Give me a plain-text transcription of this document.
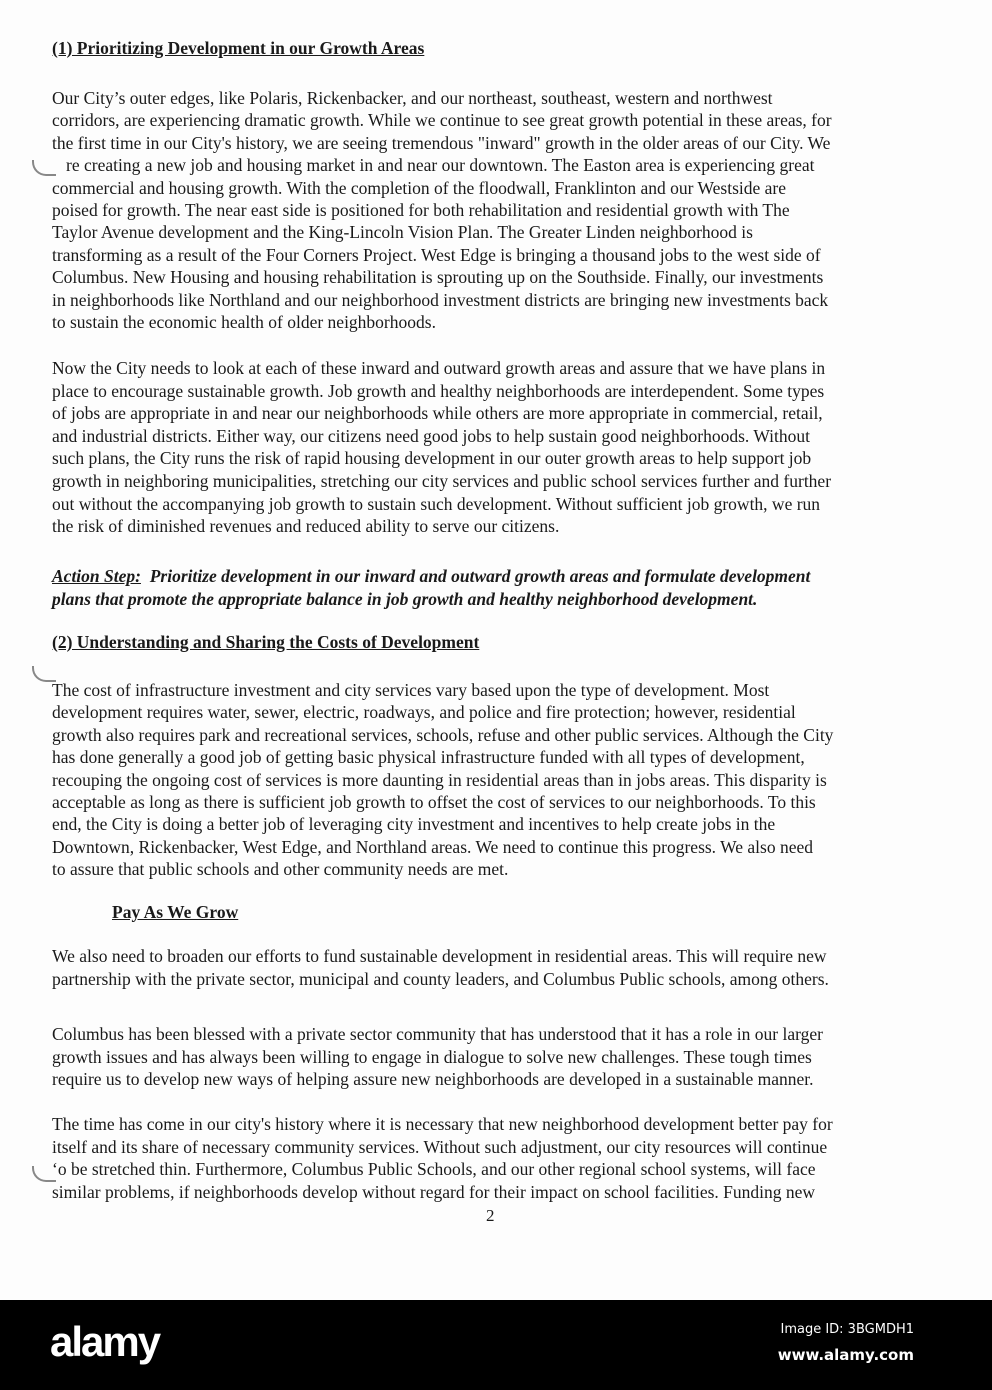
(1) Prioritizing Development in our Growth Areas
Our City’s outer edges, like Polaris, Rickenbacker, and our northeast, southeast, western and northwest
corridors, are experiencing dramatic growth. While we continue to see great growth potential in these areas, for
the first time in our City's history, we are seeing tremendous "inward" growth in the older areas of our City. We
re creating a new job and housing market in and near our downtown. The Easton area is experiencing great
commercial and housing growth. With the completion of the floodwall, Franklinton and our Westside are
poised for growth. The near east side is positioned for both rehabilitation and residential growth with The
Taylor Avenue development and the King-Lincoln Vision Plan. The Greater Linden neighborhood is
transforming as a result of the Four Corners Project. West Edge is bringing a thousand jobs to the west side of
Columbus. New Housing and housing rehabilitation is sprouting up on the Southside. Finally, our investments
in neighborhoods like Northland and our neighborhood investment districts are bringing new investments back
to sustain the economic health of older neighborhoods.
Now the City needs to look at each of these inward and outward growth areas and assure that we have plans in
place to encourage sustainable growth. Job growth and healthy neighborhoods are interdependent. Some types
of jobs are appropriate in and near our neighborhoods while others are more appropriate in commercial, retail,
and industrial districts. Either way, our citizens need good jobs to help sustain good neighborhoods. Without
such plans, the City runs the risk of rapid housing development in our outer growth areas to help support job
growth in neighboring municipalities, stretching our city services and public school services further and further
out without the accompanying job growth to sustain such development. Without sufficient job growth, we run
the risk of diminished revenues and reduced ability to serve our citizens.
Action Step:  Prioritize development in our inward and outward growth areas and formulate development
plans that promote the appropriate balance in job growth and healthy neighborhood development.
(2) Understanding and Sharing the Costs of Development
The cost of infrastructure investment and city services vary based upon the type of development. Most
development requires water, sewer, electric, roadways, and police and fire protection; however, residential
growth also requires park and recreational services, schools, refuse and other public services. Although the City
has done generally a good job of getting basic physical infrastructure funded with all types of development,
recouping the ongoing cost of services is more daunting in residential areas than in jobs areas. This disparity is
acceptable as long as there is sufficient job growth to offset the cost of services to our neighborhoods. To this
end, the City is doing a better job of leveraging city investment and incentives to help create jobs in the
Downtown, Rickenbacker, West Edge, and Northland areas. We need to continue this progress. We also need
to assure that public schools and other community needs are met.
Pay As We Grow
We also need to broaden our efforts to fund sustainable development in residential areas. This will require new
partnership with the private sector, municipal and county leaders, and Columbus Public schools, among others.
Columbus has been blessed with a private sector community that has understood that it has a role in our larger
growth issues and has always been willing to engage in dialogue to solve new challenges. These tough times
require us to develop new ways of helping assure new neighborhoods are developed in a sustainable manner.
The time has come in our city's history where it is necessary that new neighborhood development better pay for
itself and its share of necessary community services. Without such adjustment, our city resources will continue
‘o be stretched thin. Furthermore, Columbus Public Schools, and our other regional school systems, will face
similar problems, if neighborhoods develop without regard for their impact on school facilities. Funding new
2
alamy	Image ID: 3BGMDH1
www.alamy.com
